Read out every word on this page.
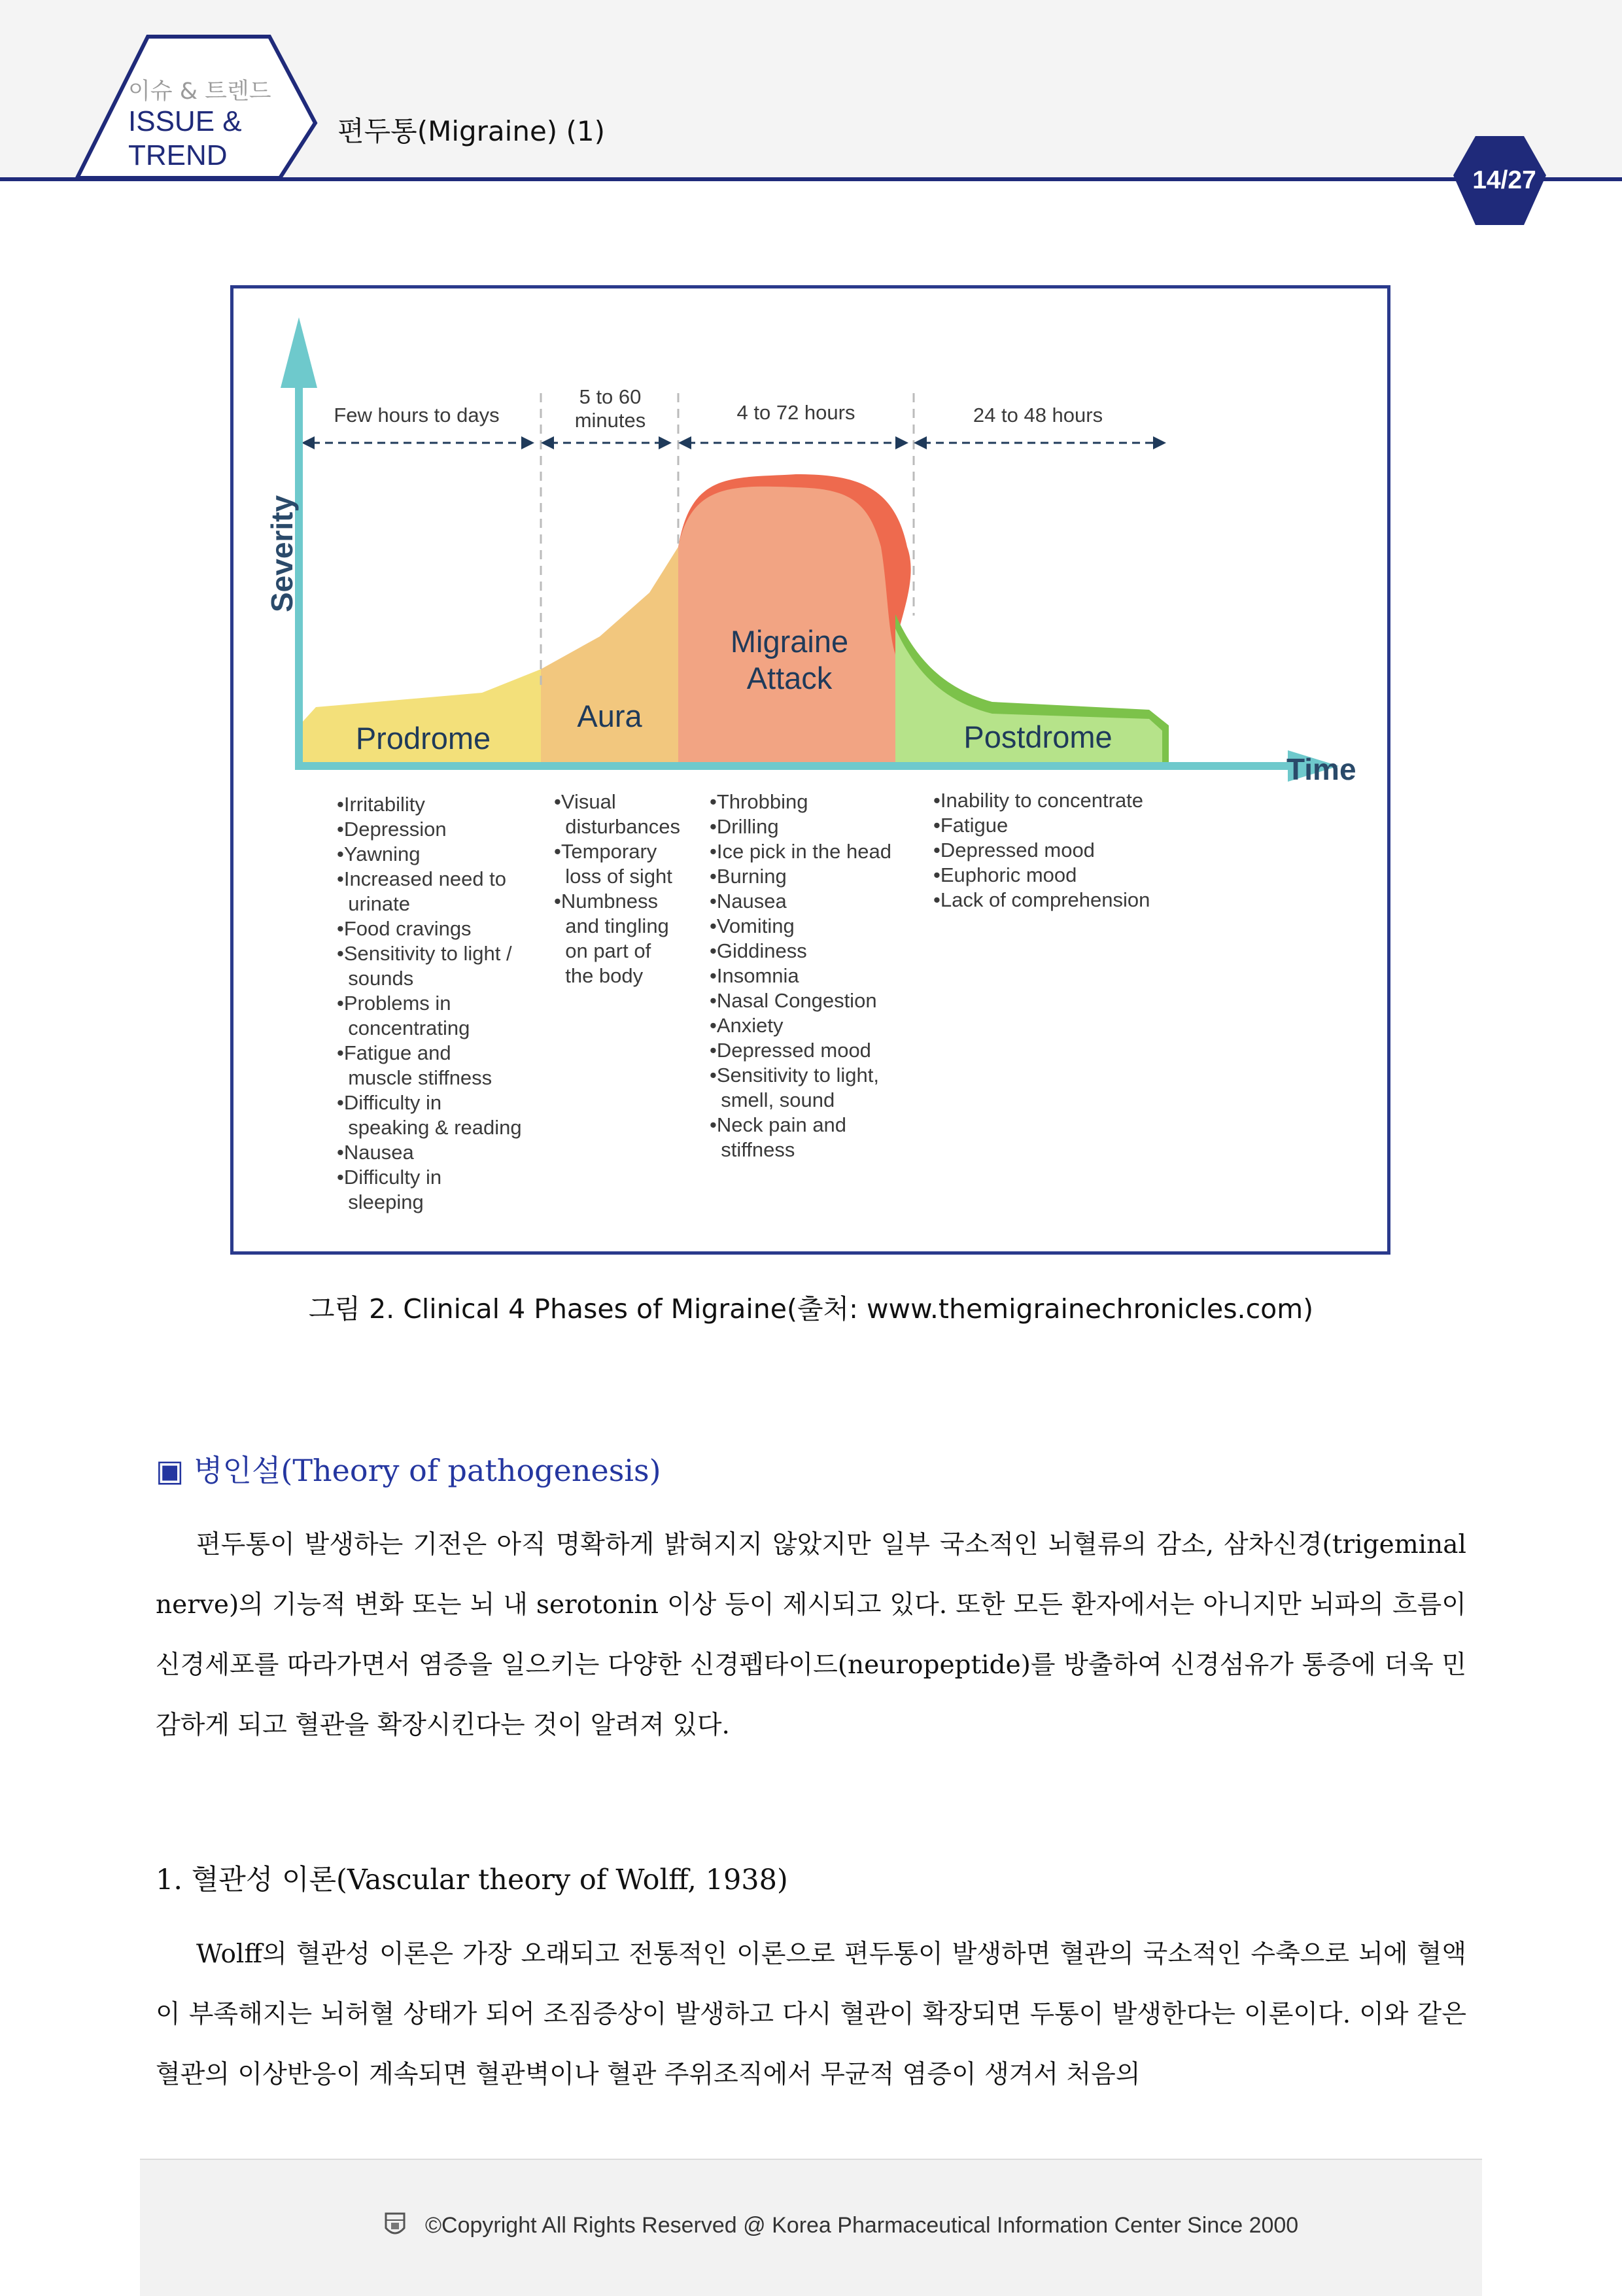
이슈 & 트렌드
ISSUE &
TREND
편두통(Migraine) (1)
14/27
Severity
Time
Few hours to days
5 to 60
minutes	4 to 72 hours	24 to 48 hours
Prodrome
Aura
Migraine
Attack
Postdrome
•Irritability
•Depression
•Yawning
•Increased need to
urinate
•Food cravings
•Sensitivity to light /
sounds
•Problems in
concentrating
•Fatigue and
muscle stiffness
•Difficulty in
speaking & reading
•Nausea
•Difficulty in
sleeping
•Visual
disturbances
•Temporary
loss of sight
•Numbness
and tingling
on part of
the body
•Throbbing
•Drilling
•Ice pick in the head
•Burning
•Nausea
•Vomiting
•Giddiness
•Insomnia
•Nasal Congestion
•Anxiety
•Depressed mood
•Sensitivity to light,
smell, sound
•Neck pain and
stiffness
•Inability to concentrate
•Fatigue
•Depressed mood
•Euphoric mood
•Lack of comprehension
그림 2. Clinical 4 Phases of Migraine(출처: www.themigrainechronicles.com)
▣ 병인설(Theory of pathogenesis)
편두통이 발생하는 기전은 아직 명확하게 밝혀지지 않았지만 일부 국소적인 뇌혈류의 감소, 삼차신경(trigeminal nerve)의 기능적 변화 또는 뇌 내 serotonin 이상 등이 제시되고 있다. 또한 모든 환자에서는 아니지만 뇌파의 흐름이 신경세포를 따라가면서 염증을 일으키는 다양한 신경펩타이드(neuropeptide)를 방출하여 신경섬유가 통증에 더욱 민감하게 되고 혈관을 확장시킨다는 것이 알려져 있다.
1. 혈관성 이론(Vascular theory of Wolff, 1938)
Wolff의 혈관성 이론은 가장 오래되고 전통적인 이론으로 편두통이 발생하면 혈관의 국소적인 수축으로 뇌에 혈액이 부족해지는 뇌허혈 상태가 되어 조짐증상이 발생하고 다시 혈관이 확장되면 두통이 발생한다는 이론이다. 이와 같은 혈관의 이상반응이 계속되면 혈관벽이나 혈관 주위조직에서 무균적 염증이 생겨서 처음의
©Copyright All Rights Reserved @ Korea Pharmaceutical Information Center Since 2000
